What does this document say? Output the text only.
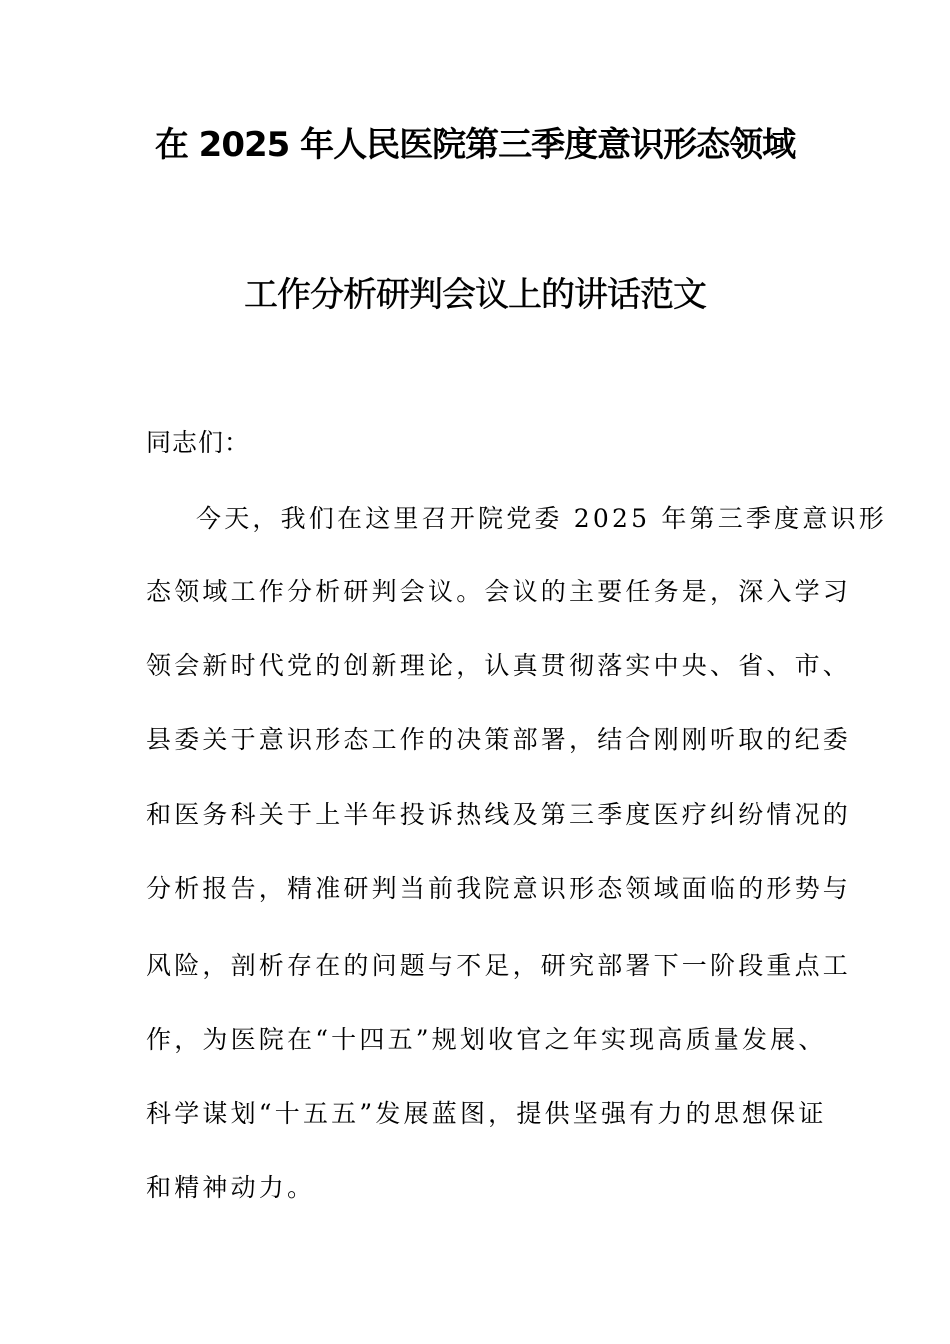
在 2025 年人民医院第三季度意识形态领域
工作分析研判会议上的讲话范文
同志们：
今天，我们在这里召开院党委 2025 年第三季度意识形
态领域工作分析研判会议。会议的主要任务是，深入学习
领会新时代党的创新理论，认真贯彻落实中央、省、市、
县委关于意识形态工作的决策部署，结合刚刚听取的纪委
和医务科关于上半年投诉热线及第三季度医疗纠纷情况的
分析报告，精准研判当前我院意识形态领域面临的形势与
风险，剖析存在的问题与不足，研究部署下一阶段重点工
作，为医院在“十四五”规划收官之年实现高质量发展、
科学谋划“十五五”发展蓝图，提供坚强有力的思想保证
和精神动力。
